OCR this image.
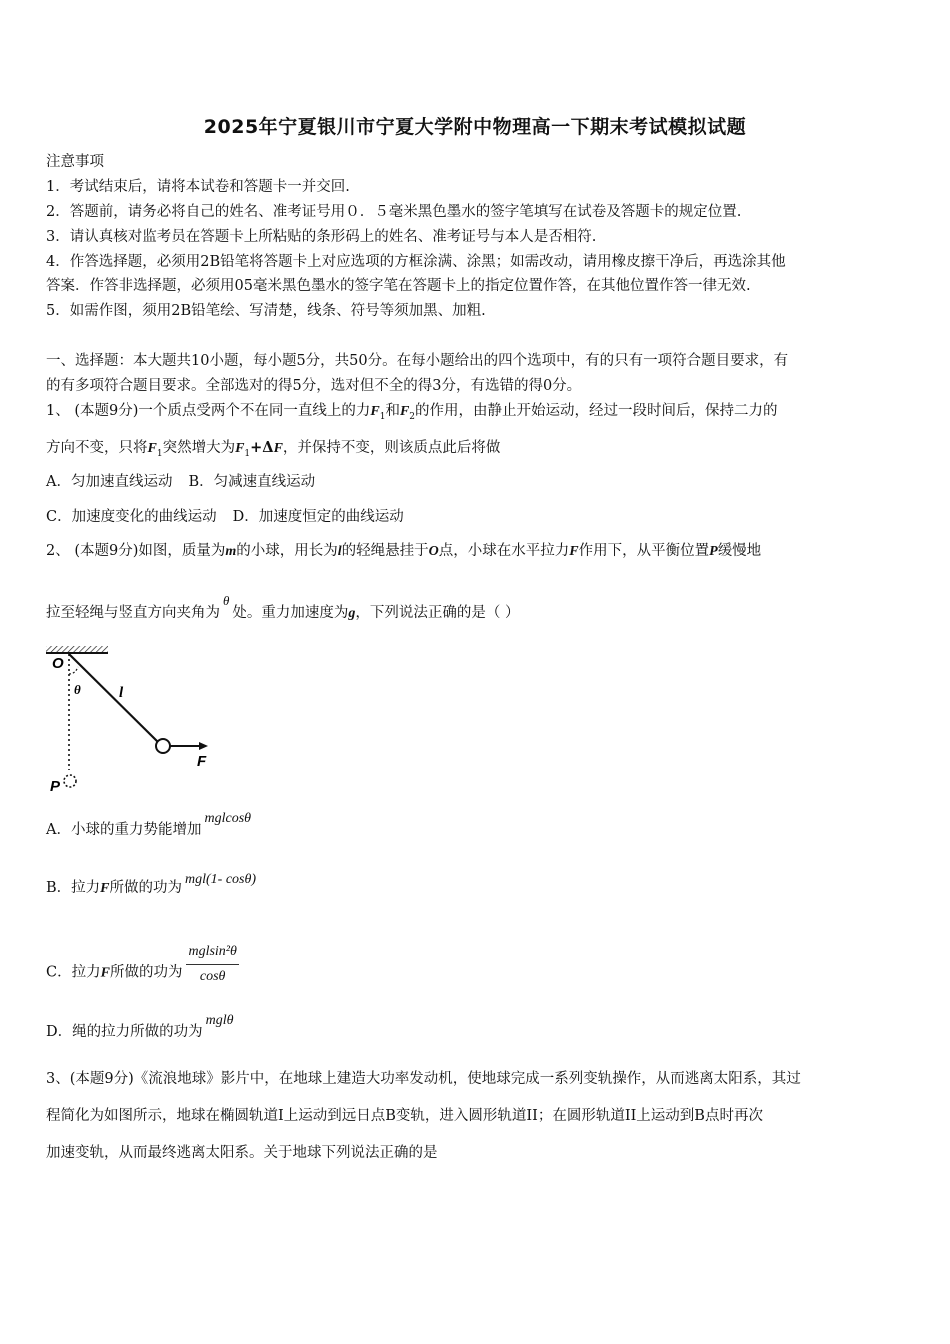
2025年宁夏银川市宁夏大学附中物理高一下期末考试模拟试题
注意事项
1．考试结束后，请将本试卷和答题卡一并交回.
2．答题前，请务必将自己的姓名、准考证号用０．５毫米黑色墨水的签字笔填写在试卷及答题卡的规定位置.
3．请认真核对监考员在答题卡上所粘贴的条形码上的姓名、准考证号与本人是否相符.
4．作答选择题，必须用2B铅笔将答题卡上对应选项的方框涂满、涂黑；如需改动，请用橡皮擦干净后，再选涂其他
答案．作答非选择题，必须用05毫米黑色墨水的签字笔在答题卡上的指定位置作答，在其他位置作答一律无效.
5．如需作图，须用2B铅笔绘、写清楚，线条、符号等须加黑、加粗.
一、选择题：本大题共10小题，每小题5分，共50分。在每小题给出的四个选项中，有的只有一项符合题目要求，有
的有多项符合题目要求。全部选对的得5分，选对但不全的得3分，有选错的得0分。
1、 (本题9分)一个质点受两个不在同一直线上的力$F_1$和$F_2$的作用，由静止开始运动，经过一段时间后，保持二力的
方向不变，只将$F_1$突然增大为$F_1+\Delta F$，并保持不变，则该质点此后将做
A．匀加速直线运动 B．匀减速直线运动
C．加速度变化的曲线运动 D．加速度恒定的曲线运动
2、 (本题9分)如图，质量为m的小球，用长为l的轻绳悬挂于O点，小球在水平拉力F作用下，从平衡位置P缓慢地
拉至轻绳与竖直方向夹角为θ处。重力加速度为g，下列说法正确的是（ ）
O
θ	l
F
P
A．小球的重力势能增加mglcosθ
B．拉力F所做的功为mgl(1- cosθ)
C．拉力F所做的功为 $\frac{\text{mglsin²θ}}{\cos\theta}$
D．绳的拉力所做的功为mglθ
3、(本题9分)《流浪地球》影片中，在地球上建造大功率发动机，使地球完成一系列变轨操作，从而逃离太阳系，其过
程简化为如图所示，地球在椭圆轨道I上运动到远日点B变轨，进入圆形轨道II；在圆形轨道II上运动到B点时再次
加速变轨，从而最终逃离太阳系。关于地球下列说法正确的是
